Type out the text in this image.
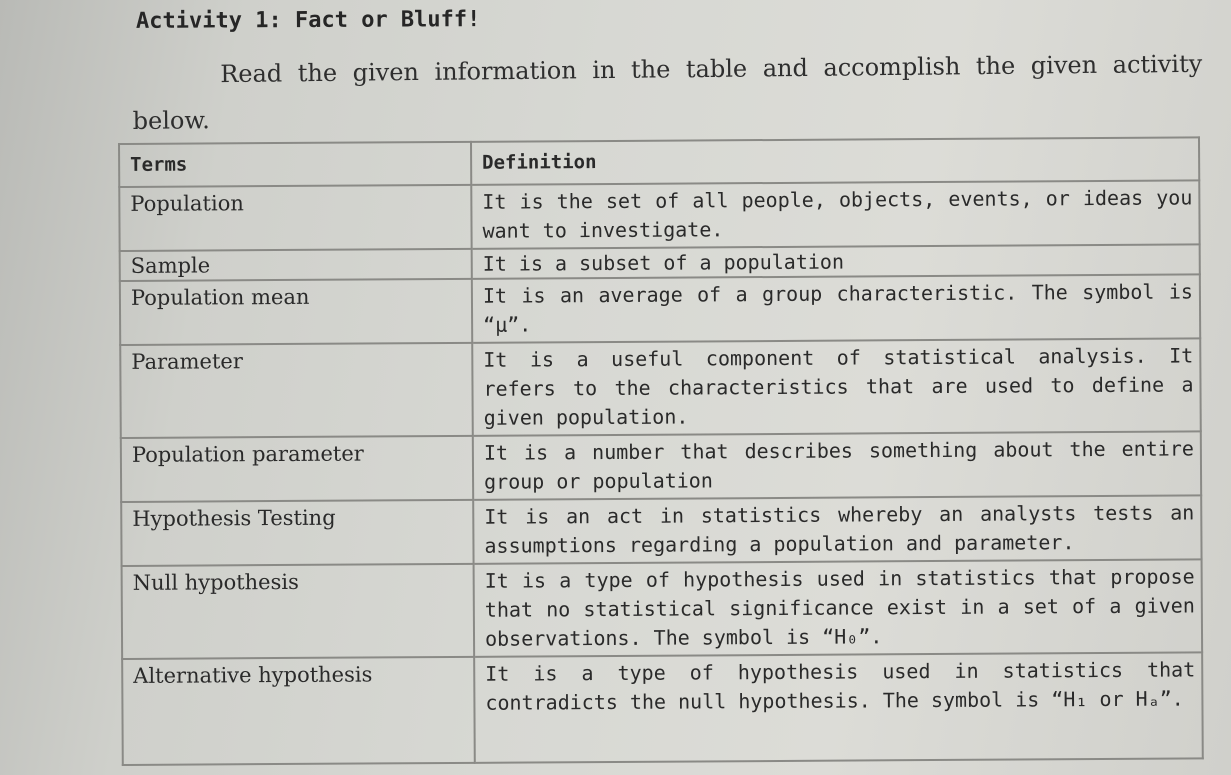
Activity 1: Fact or Bluff!
Read the given information in the table and accomplish the given activity below.
Terms	Definition
Population	It is the set of all people, objects, events, or ideas you want to investigate.
Sample	It is a subset of a population
Population mean	It is an average of a group characteristic. The symbol is “μ”.
Parameter	It is a useful component of statistical analysis. It refers to the characteristics that are used to define a given population.
Population parameter	It is a number that describes something about the entire group or population
Hypothesis Testing	It is an act in statistics whereby an analysts tests an assumptions regarding a population and parameter.
Null hypothesis	It is a type of hypothesis used in statistics that propose that no statistical significance exist in a set of a given observations. The symbol is “H₀”.
Alternative hypothesis	It is a type of hypothesis used in statistics that contradicts the null hypothesis. The symbol is “H₁ or Hₐ”.
